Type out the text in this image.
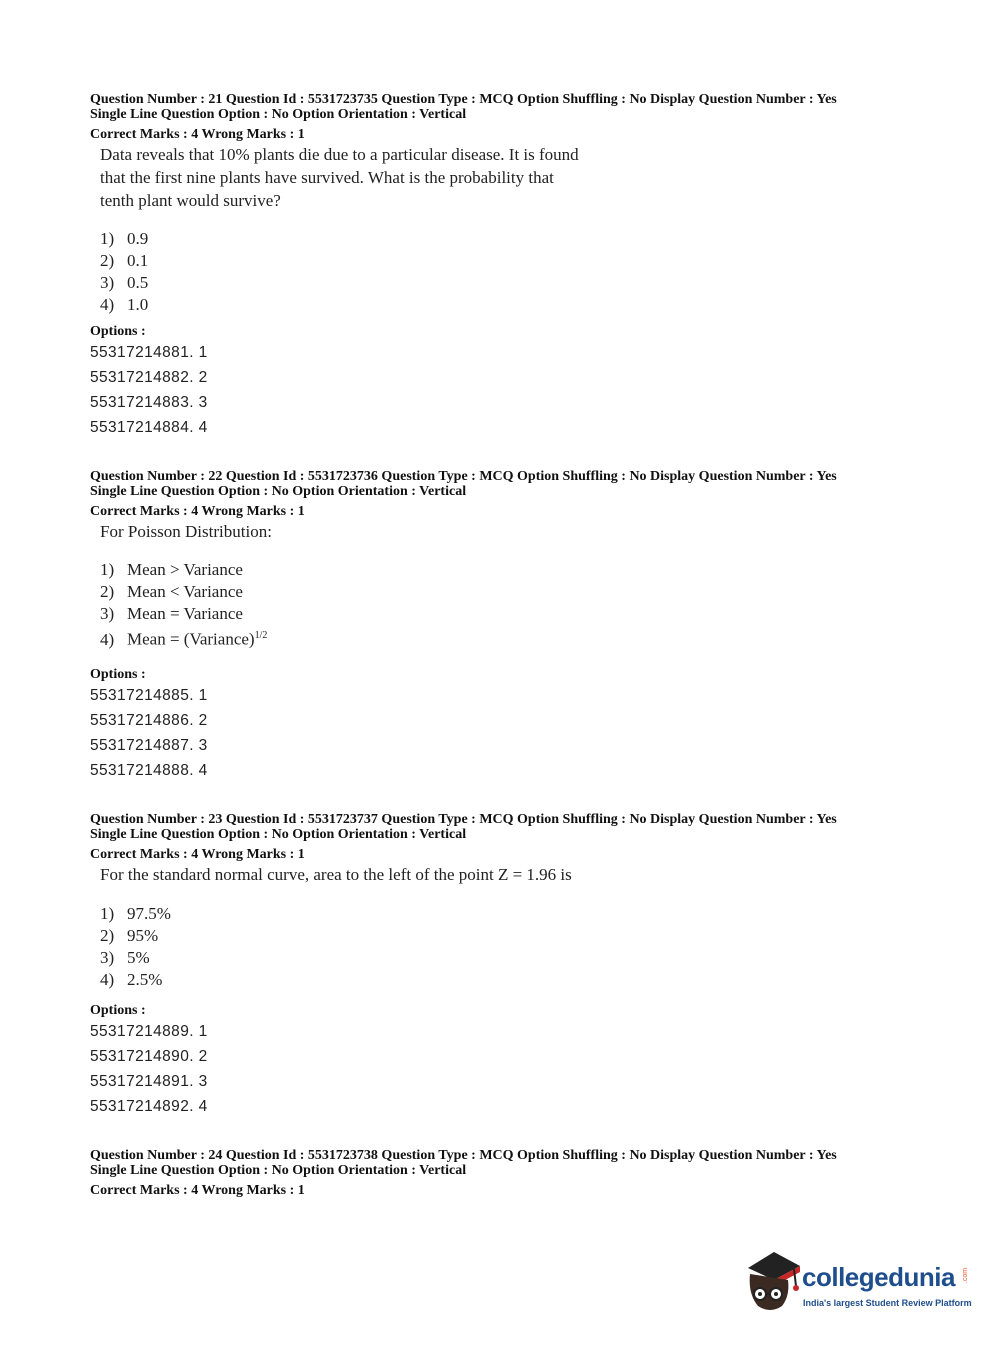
Question Number : 21 Question Id : 5531723735 Question Type : MCQ Option Shuffling : No Display Question Number : Yes
Single Line Question Option : No Option Orientation : Vertical
Correct Marks : 4 Wrong Marks : 1
Data reveals that 10% plants die due to a particular disease. It is found
that the first nine plants have survived. What is the probability that
tenth plant would survive?
1) 0.9
2) 0.1
3) 0.5
4) 1.0
Options :
55317214881. 1
55317214882. 2
55317214883. 3
55317214884. 4
Question Number : 22 Question Id : 5531723736 Question Type : MCQ Option Shuffling : No Display Question Number : Yes
Single Line Question Option : No Option Orientation : Vertical
Correct Marks : 4 Wrong Marks : 1
For Poisson Distribution:
1) Mean > Variance
2) Mean < Variance
3) Mean = Variance
4) Mean = (Variance)$^{1/2}$
Options :
55317214885. 1
55317214886. 2
55317214887. 3
55317214888. 4
Question Number : 23 Question Id : 5531723737 Question Type : MCQ Option Shuffling : No Display Question Number : Yes
Single Line Question Option : No Option Orientation : Vertical
Correct Marks : 4 Wrong Marks : 1
For the standard normal curve, area to the left of the point Z = 1.96 is
1) 97.5%
2) 95%
3) 5%
4) 2.5%
Options :
55317214889. 1
55317214890. 2
55317214891. 3
55317214892. 4
Question Number : 24 Question Id : 5531723738 Question Type : MCQ Option Shuffling : No Display Question Number : Yes
Single Line Question Option : No Option Orientation : Vertical
Correct Marks : 4 Wrong Marks : 1
collegedunia .com
India's largest Student Review Platform
